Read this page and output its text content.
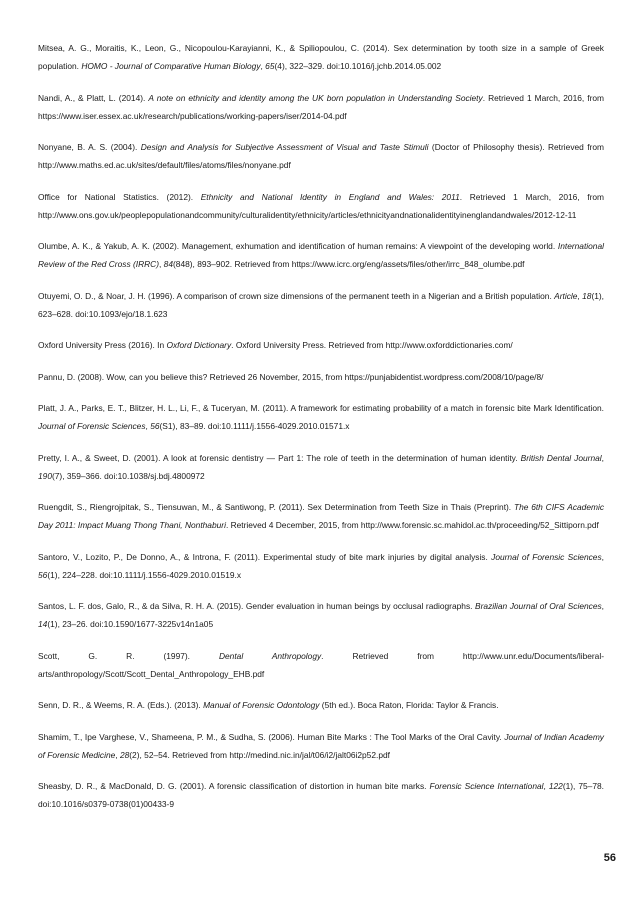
Mitsea, A. G., Moraitis, K., Leon, G., Nicopoulou-Karayianni, K., & Spiliopoulou, C. (2014). Sex determination by tooth size in a sample of Greek population. HOMO - Journal of Comparative Human Biology, 65(4), 322–329. doi:10.1016/j.jchb.2014.05.002

Nandi, A., & Platt, L. (2014). A note on ethnicity and identity among the UK born population in Understanding Society. Retrieved 1 March, 2016, from https://www.iser.essex.ac.uk/research/publications/working-papers/iser/2014-04.pdf

Nonyane, B. A. S. (2004). Design and Analysis for Subjective Assessment of Visual and Taste Stimuli (Doctor of Philosophy thesis). Retrieved from http://www.maths.ed.ac.uk/sites/default/files/atoms/files/nonyane.pdf

Office for National Statistics. (2012). Ethnicity and National Identity in England and Wales: 2011. Retrieved 1 March, 2016, from http://www.ons.gov.uk/peoplepopulationandcommunity/culturalidentity/ethnicity/articles/ethnicityandnationalidentityinenglandandwales/2012-12-11

Olumbe, A. K., & Yakub, A. K. (2002). Management, exhumation and identification of human remains: A viewpoint of the developing world. International Review of the Red Cross (IRRC), 84(848), 893–902. Retrieved from https://www.icrc.org/eng/assets/files/other/irrc_848_olumbe.pdf

Otuyemi, O. D., & Noar, J. H. (1996). A comparison of crown size dimensions of the permanent teeth in a Nigerian and a British population. Article, 18(1), 623–628. doi:10.1093/ejo/18.1.623

Oxford University Press (2016). In Oxford Dictionary. Oxford University Press. Retrieved from http://www.oxforddictionaries.com/

Pannu, D. (2008). Wow, can you believe this? Retrieved 26 November, 2015, from https://punjabidentist.wordpress.com/2008/10/page/8/

Platt, J. A., Parks, E. T., Blitzer, H. L., Li, F., & Tuceryan, M. (2011). A framework for estimating probability of a match in forensic bite Mark Identification. Journal of Forensic Sciences, 56(S1), 83–89. doi:10.1111/j.1556-4029.2010.01571.x

Pretty, I. A., & Sweet, D. (2001). A look at forensic dentistry — Part 1: The role of teeth in the determination of human identity. British Dental Journal, 190(7), 359–366. doi:10.1038/sj.bdj.4800972

Ruengdit, S., Riengrojpitak, S., Tiensuwan, M., & Santiwong, P. (2011). Sex Determination from Teeth Size in Thais (Preprint). The 6th CIFS Academic Day 2011: Impact Muang Thong Thani, Nonthaburi. Retrieved 4 December, 2015, from http://www.forensic.sc.mahidol.ac.th/proceeding/52_Sittiporn.pdf

Santoro, V., Lozito, P., De Donno, A., & Introna, F. (2011). Experimental study of bite mark injuries by digital analysis. Journal of Forensic Sciences, 56(1), 224–228. doi:10.1111/j.1556-4029.2010.01519.x

Santos, L. F. dos, Galo, R., & da Silva, R. H. A. (2015). Gender evaluation in human beings by occlusal radiographs. Brazilian Journal of Oral Sciences, 14(1), 23–26. doi:10.1590/1677-3225v14n1a05

Scott, G. R. (1997). Dental Anthropology. Retrieved from http://www.unr.edu/Documents/liberal-arts/anthropology/Scott/Scott_Dental_Anthropology_EHB.pdf

Senn, D. R., & Weems, R. A. (Eds.). (2013). Manual of Forensic Odontology (5th ed.). Boca Raton, Florida: Taylor & Francis.

Shamim, T., Ipe Varghese, V., Shameena, P. M., & Sudha, S. (2006). Human Bite Marks : The Tool Marks of the Oral Cavity. Journal of Indian Academy of Forensic Medicine, 28(2), 52–54. Retrieved from http://medind.nic.in/jal/t06/i2/jalt06i2p52.pdf

Sheasby, D. R., & MacDonald, D. G. (2001). A forensic classification of distortion in human bite marks. Forensic Science International, 122(1), 75–78. doi:10.1016/s0379-0738(01)00433-9

56
